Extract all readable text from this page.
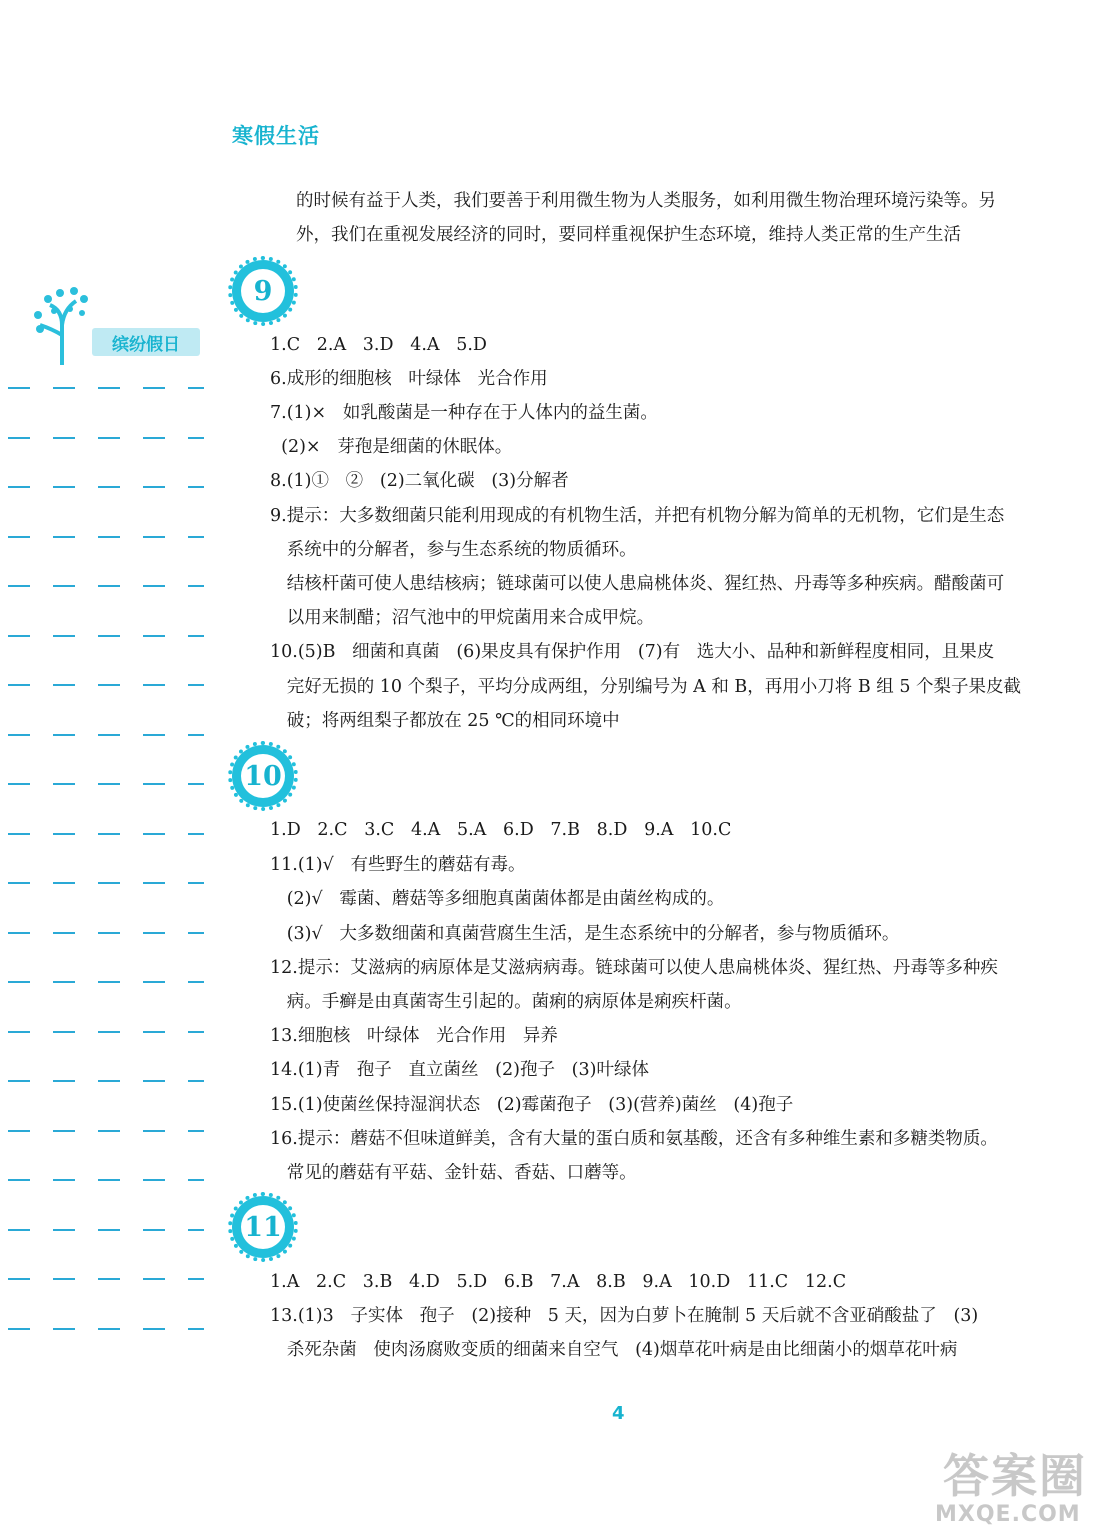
寒假生活
的时候有益于人类，我们要善于利用微生物为人类服务，如利用微生物治理环境污染等。另
外，我们在重视发展经济的同时，要同样重视保护生态环境，维持人类正常的生产生活
缤纷假日
9
1.C   2.A   3.D   4.A   5.D
6.成形的细胞核   叶绿体   光合作用
7.(1)×   如乳酸菌是一种存在于人体内的益生菌。
(2)×   芽孢是细菌的休眠体。
8.(1)①   ②   (2)二氧化碳   (3)分解者
9.提示：大多数细菌只能利用现成的有机物生活，并把有机物分解为简单的无机物，它们是生态
系统中的分解者，参与生态系统的物质循环。
结核杆菌可使人患结核病；链球菌可以使人患扁桃体炎、猩红热、丹毒等多种疾病。醋酸菌可
以用来制醋；沼气池中的甲烷菌用来合成甲烷。
10.(5)B   细菌和真菌   (6)果皮具有保护作用   (7)有   选大小、品种和新鲜程度相同，且果皮
完好无损的 10 个梨子，平均分成两组，分别编号为 A 和 B，再用小刀将 B 组 5 个梨子果皮截
破；将两组梨子都放在 25 ℃的相同环境中
10
1.D   2.C   3.C   4.A   5.A   6.D   7.B   8.D   9.A   10.C
11.(1)√   有些野生的蘑菇有毒。
(2)√   霉菌、蘑菇等多细胞真菌菌体都是由菌丝构成的。
(3)√   大多数细菌和真菌营腐生生活，是生态系统中的分解者，参与物质循环。
12.提示：艾滋病的病原体是艾滋病病毒。链球菌可以使人患扁桃体炎、猩红热、丹毒等多种疾
病。手癣是由真菌寄生引起的。菌痢的病原体是痢疾杆菌。
13.细胞核   叶绿体   光合作用   异养
14.(1)青   孢子   直立菌丝   (2)孢子   (3)叶绿体
15.(1)使菌丝保持湿润状态   (2)霉菌孢子   (3)(营养)菌丝   (4)孢子
16.提示：蘑菇不但味道鲜美，含有大量的蛋白质和氨基酸，还含有多种维生素和多糖类物质。
常见的蘑菇有平菇、金针菇、香菇、口蘑等。
11
1.A   2.C   3.B   4.D   5.D   6.B   7.A   8.B   9.A   10.D   11.C   12.C
13.(1)3   子实体   孢子   (2)接种   5 天，因为白萝卜在腌制 5 天后就不含亚硝酸盐了   (3)
杀死杂菌   使肉汤腐败变质的细菌来自空气   (4)烟草花叶病是由比细菌小的烟草花叶病
4
答案圈
MXQE.COM
